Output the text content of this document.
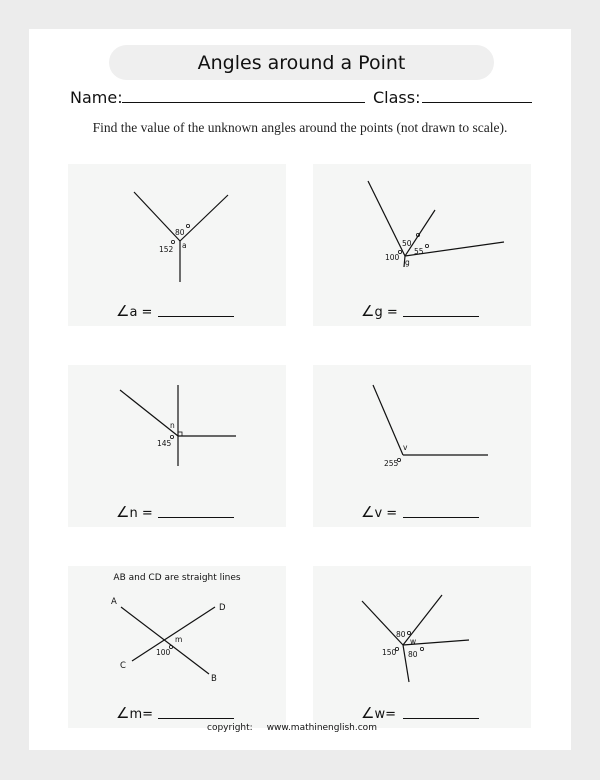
Angles around a Point
Name:	Class:
Find the value of the unknown angles around the points (not drawn to scale).
80
152 a
∠a =
50
100
55
g
∠g =
n
145
∠n =
v
255
∠v =
AB and CD are straight lines
A
D
C
B
m
100
∠m=
80
w
150 80
∠w=
copyright: www.mathinenglish.com
